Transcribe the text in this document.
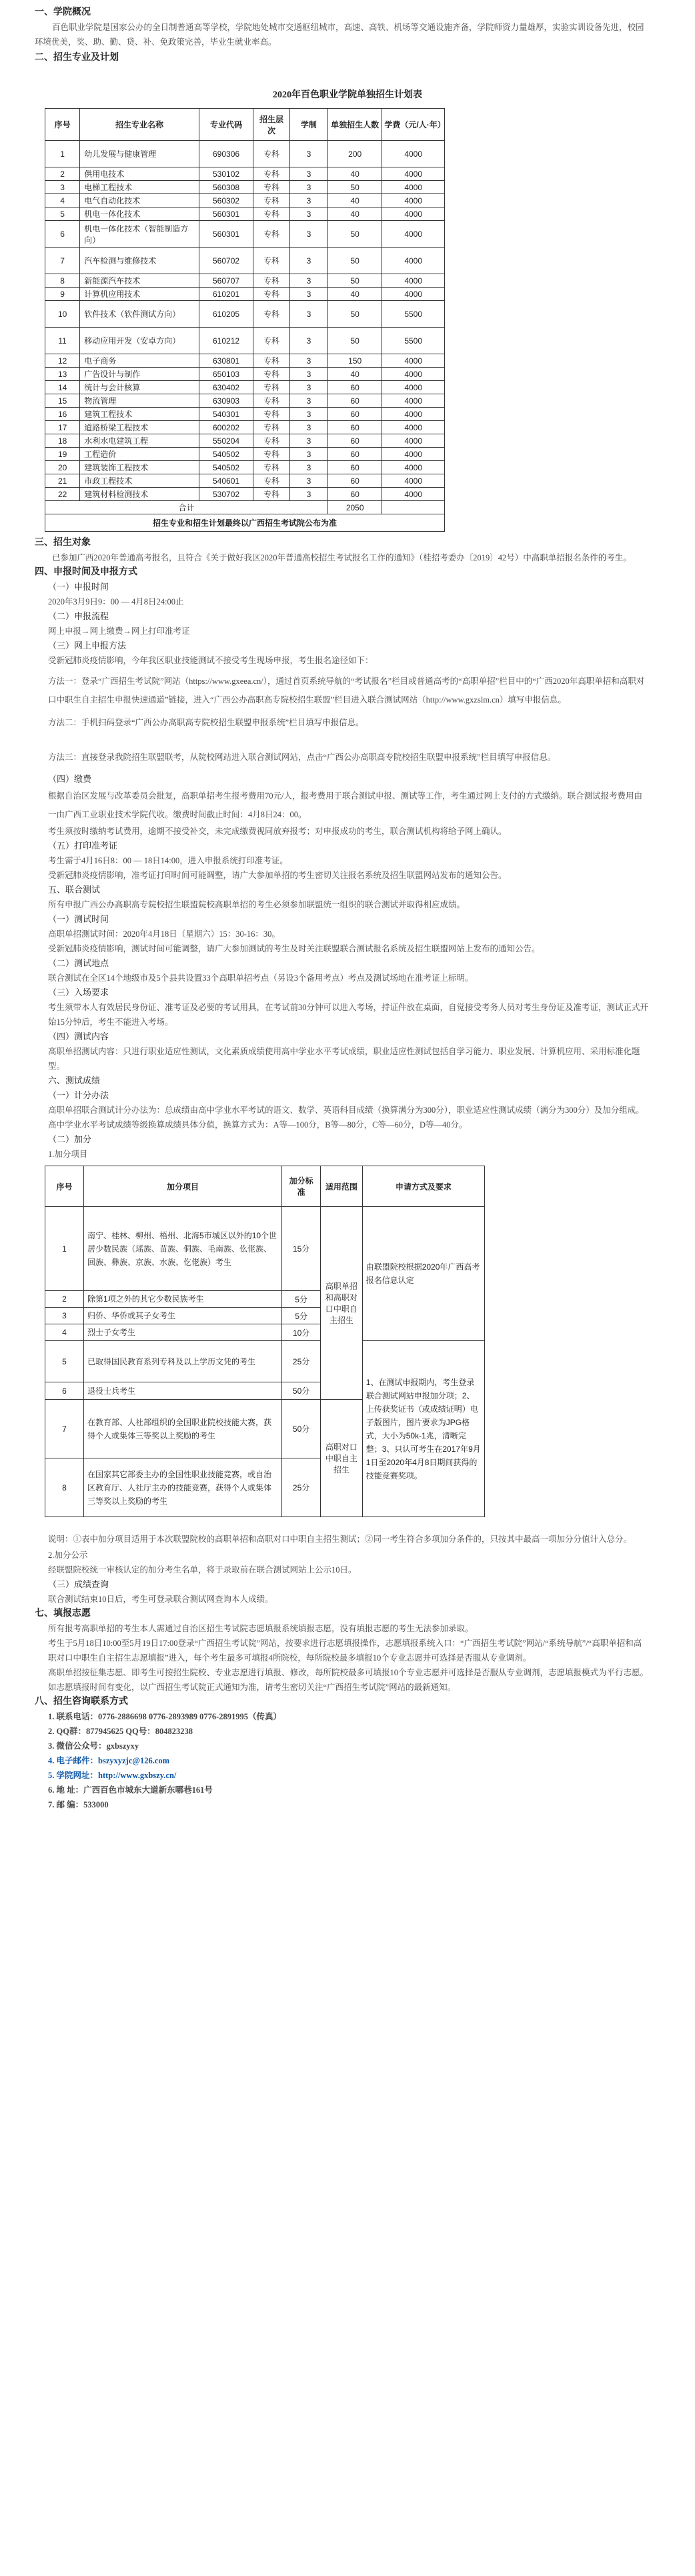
一、学院概况

百色职业学院是国家公办的全日制普通高等学校，学院地处城市交通枢纽城市，高速、高铁、机场等交通设施齐备，学院师资力量雄厚，实验实训设备先进，校园环境优美，奖、助、勤、贷、补、免政策完善，毕业生就业率高。

二、招生专业及计划
2020年百色职业学院单独招生计划表
序号	招生专业名称	专业代码	招生层次	学制	单独招生人数	学费（元/人·年）
1	幼儿发展与健康管理	690306	专科	3	200	4000
2	供用电技术	530102	专科	3	40	4000
3	电梯工程技术	560308	专科	3	50	4000
4	电气自动化技术	560302	专科	3	40	4000
5	机电一体化技术	560301	专科	3	40	4000
6	机电一体化技术（智能制造方向）	560301	专科	3	50	4000
7	汽车检测与维修技术	560702	专科	3	50	4000
8	新能源汽车技术	560707	专科	3	50	4000
9	计算机应用技术	610201	专科	3	40	4000
10	软件技术（软件测试方向）	610205	专科	3	50	5500
11	移动应用开发（安卓方向）	610212	专科	3	50	5500
12	电子商务	630801	专科	3	150	4000
13	广告设计与制作	650103	专科	3	40	4000
14	统计与会计核算	630402	专科	3	60	4000
15	物流管理	630903	专科	3	60	4000
16	建筑工程技术	540301	专科	3	60	4000
17	道路桥梁工程技术	600202	专科	3	60	4000
18	水利水电建筑工程	550204	专科	3	60	4000
19	工程造价	540502	专科	3	60	4000
20	建筑装饰工程技术	540502	专科	3	60	4000
21	市政工程技术	540601	专科	3	60	4000
22	建筑材料检测技术	530702	专科	3	60	4000
合计					2050	
招生专业和招生计划最终以广西招生考试院公布为准						
三、招生对象

已参加广西2020年普通高考报名，且符合《关于做好我区2020年普通高校招生考试报名工作的通知》（桂招考委办〔2019〕42号）中高职单招报名条件的考生。

四、申报时间及申报方式
（一）申报时间

2020年3月9日9：00 — 4月8日24:00止

（二）申报流程

网上申报→网上缴费→网上打印准考证

（三）网上申报方法

受新冠肺炎疫情影响，今年我区职业技能测试不接受考生现场申报，考生报名途径如下：

方法一：登录“广西招生考试院”网站（https://www.gxeea.cn/），通过首页系统导航的“考试报名”栏目或普通高考的“高职单招”栏目中的“广西2020年高职单招和高职对口中职生自主招生申报快速通道”链接，进入“广西公办高职高专院校招生联盟”栏目进入联合测试网站（http://www.gxzslm.cn）填写申报信息。

方法二：手机扫码登录“广西公办高职高专院校招生联盟申报系统”栏目填写申报信息。

方法三：直接登录我院招生联盟联考，从院校网站进入联合测试网站，点击“广西公办高职高专院校招生联盟申报系统”栏目填写申报信息。

（四）缴费

根据自治区发展与改革委员会批复，高职单招考生报考费用70元/人，报考费用于联合测试申报、测试等工作，考生通过网上支付的方式缴纳。联合测试报考费用由一由广西工业职业技术学院代收。缴费时间截止时间：4月8日24：00。

考生须按时缴纳考试费用，逾期不接受补交，未完成缴费视同放弃报考；对申报成功的考生，联合测试机构将给予网上确认。

（五）打印准考证

考生需于4月16日8：00 — 18日14:00，进入申报系统打印准考证。

受新冠肺炎疫情影响，准考证打印时间可能调整，请广大参加单招的考生密切关注报名系统及招生联盟网站发布的通知公告。

五、联合测试

所有申报广西公办高职高专院校招生联盟院校高职单招的考生必须参加联盟统一组织的联合测试并取得相应成绩。

（一）测试时间

高职单招测试时间：2020年4月18日（星期六）15：30-16：30。

受新冠肺炎疫情影响，测试时间可能调整，请广大参加测试的考生及时关注联盟联合测试报名系统及招生联盟网站上发布的通知公告。

（二）测试地点

联合测试在全区14个地级市及5个县共设置33个高职单招考点（另设3个备用考点）考点及测试场地在准考证上标明。

（三）入场要求

考生须带本人有效居民身份证、准考证及必要的考试用具，在考试前30分钟可以进入考场，持证件放在桌面，自觉接受考务人员对考生身份证及准考证，测试正式开始15分钟后，考生不能进入考场。

（四）测试内容

高职单招测试内容：只进行职业适应性测试，文化素质成绩使用高中学业水平考试成绩，职业适应性测试包括自学习能力、职业发展、计算机应用、采用标准化题型。

六、测试成绩
（一）计分办法

高职单招联合测试计分办法为：总成绩由高中学业水平考试的语文、数学、英语科目成绩（换算满分为300分），职业适应性测试成绩（满分为300分）及加分组成。

高中学业水平考试成绩等级换算成绩具体分值，换算方式为：A等—100分，B等—80分，C等—60分，D等—40分。

（二）加分

1.加分项目

序号	加分项目	加分标准	适用范围	申请方式及要求
1	南宁、桂林、柳州、梧州、北海5市城区以外的10个世居少数民族（瑶族、苗族、侗族、毛南族、仫佬族、回族、彝族、京族、水族、仡佬族）考生	15分	高职单招和高职对口中职自主招生	由联盟院校根据2020年广西高考报名信息认定
2	除第1项之外的其它少数民族考生	5分		
3	归侨、华侨或其子女考生	5分		
4	烈士子女考生	10分		
5	已取得国民教育系列专科及以上学历文凭的考生	25分		1、在测试申报期内，考生登录联合测试网站申报加分项；2、上传获奖证书（或成绩证明）电子版图片，图片要求为JPG格式，大小为50k-1兆，清晰完整；3、只认可考生在2017年9月1日至2020年4月8日期间获得的技能竞赛奖项。
6	退役士兵考生	50分		
7	在教育部、人社部组织的全国职业院校技能大赛，获得个人或集体三等奖以上奖励的考生	50分	高职对口中职自主招生	
8	在国家其它部委主办的全国性职业技能竞赛，或自治区教育厅、人社厅主办的技能竞赛，获得个人或集体三等奖以上奖励的考生	25分		

说明：①表中加分项目适用于本次联盟院校的高职单招和高职对口中职自主招生测试；②同一考生符合多项加分条件的，只按其中最高一项加分分值计入总分。

2.加分公示

经联盟院校统一审核认定的加分考生名单，将于录取前在联合测试网站上公示10日。

（三）成绩查询

联合测试结束10日后，考生可登录联合测试网查询本人成绩。

七、填报志愿

所有报考高职单招的考生本人需通过自治区招生考试院志愿填报系统填报志愿，没有填报志愿的考生无法参加录取。

考生于5月18日10:00至5月19日17:00登录“广西招生考试院”网站，按要求进行志愿填报操作，志愿填报系统入口：“广西招生考试院”网站/“系统导航”/“高职单招和高职对口中职生自主招生志愿填报”进入，每个考生最多可填报4所院校，每所院校最多填报10个专业志愿并可选择是否服从专业调剂。

高职单招按征集志愿、即考生可按招生院校、专业志愿进行填报、修改，每所院校最多可填报10个专业志愿并可选择是否服从专业调剂，志愿填报模式为平行志愿。

如志愿填报时间有变化，以广西招生考试院正式通知为准，请考生密切关注“广西招生考试院”网站的最新通知。

八、招生咨询联系方式

1. 联系电话：0776-2886698 0776-2893989 0776-2891995（传真）

2. QQ群：877945625 QQ号：804823238

3. 微信公众号：gxbszyxy

4. 电子邮件：bszyxyzjc@126.com

5. 学院网址：http://www.gxbszy.cn/

6. 地 址：广西百色市城东大道新东哪巷161号

7. 邮 编：533000
